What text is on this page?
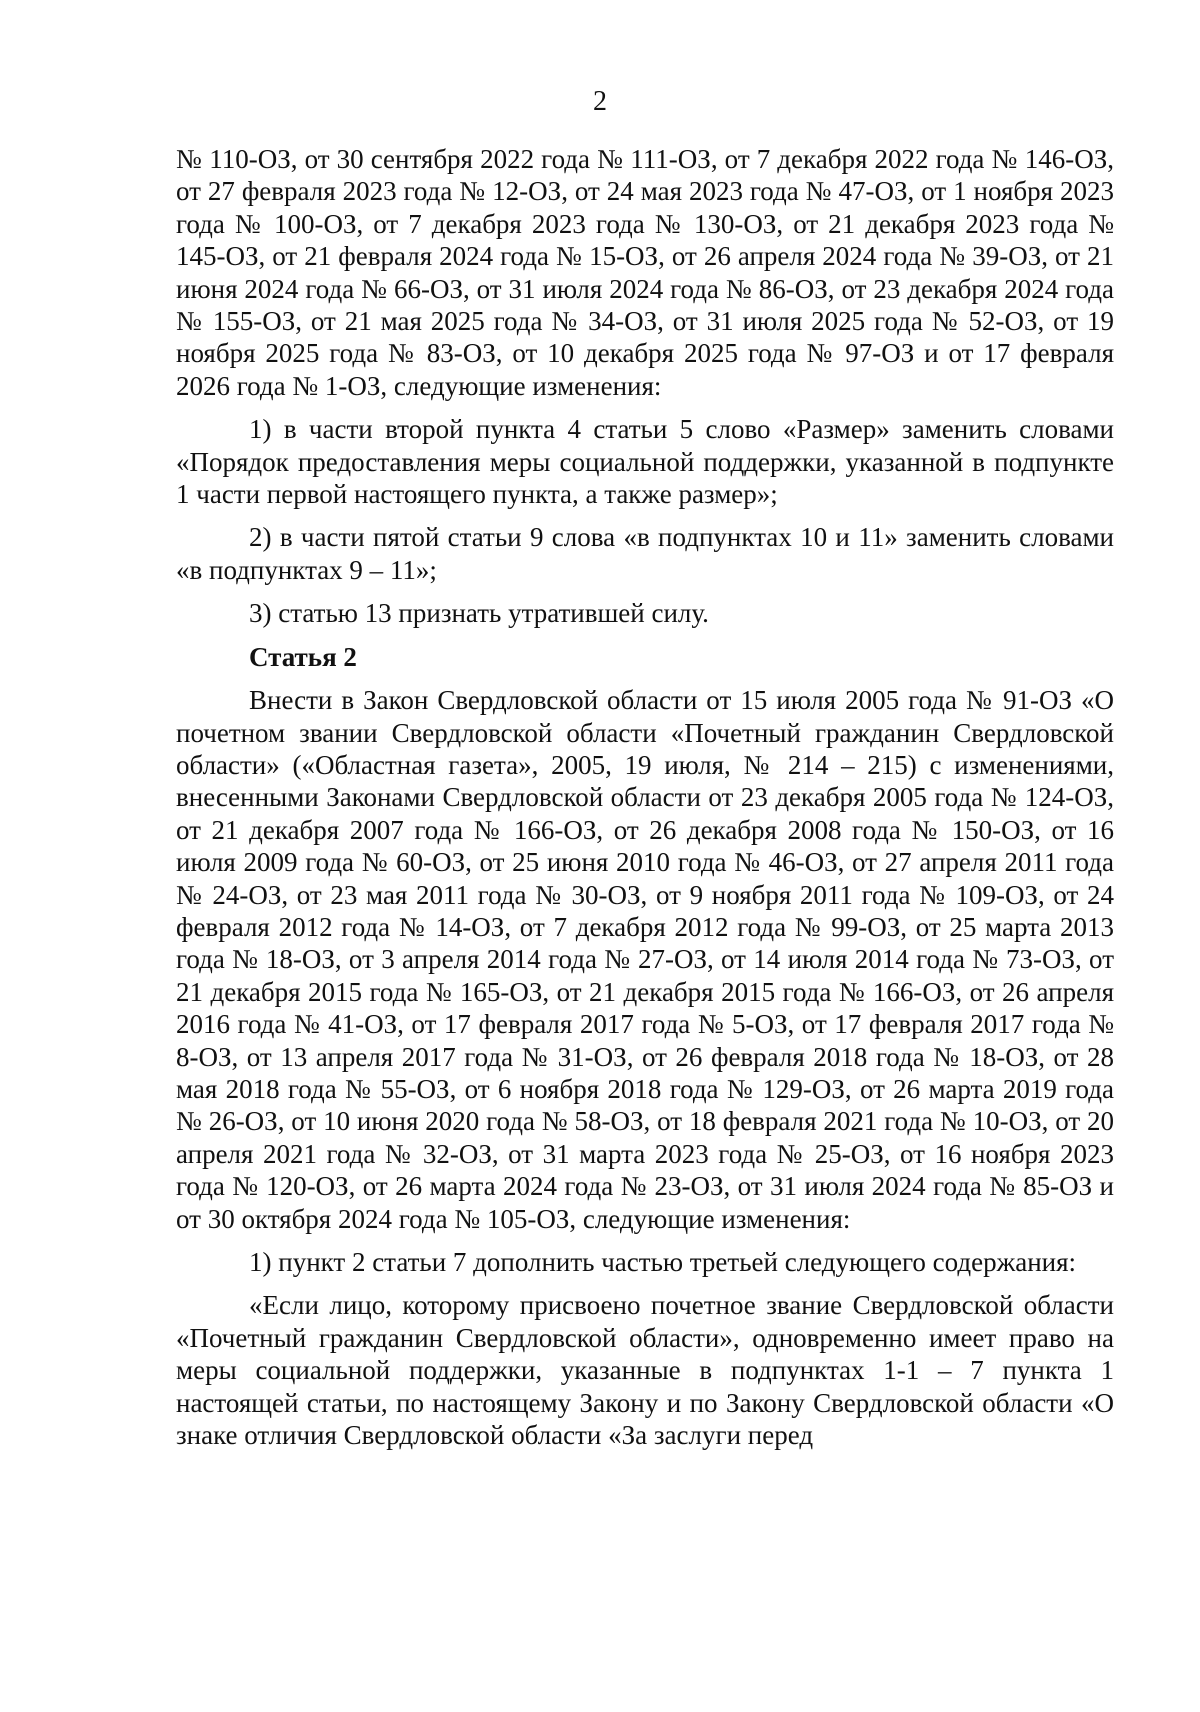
2

№ 110-ОЗ, от 30 сентября 2022 года № 111-ОЗ, от 7 декабря 2022 года № 146-ОЗ, от 27 февраля 2023 года № 12-ОЗ, от 24 мая 2023 года № 47-ОЗ, от 1 ноября 2023 года № 100-ОЗ, от 7 декабря 2023 года № 130-ОЗ, от 21 декабря 2023 года № 145-ОЗ, от 21 февраля 2024 года № 15-ОЗ, от 26 апреля 2024 года № 39-ОЗ, от 21 июня 2024 года № 66-ОЗ, от 31 июля 2024 года № 86-ОЗ, от 23 декабря 2024 года № 155-ОЗ, от 21 мая 2025 года № 34-ОЗ, от 31 июля 2025 года № 52-ОЗ, от 19 ноября 2025 года № 83-ОЗ, от 10 декабря 2025 года № 97-ОЗ и от 17 февраля 2026 года № 1-ОЗ, следующие изменения:

1) в части второй пункта 4 статьи 5 слово «Размер» заменить словами «Порядок предоставления меры социальной поддержки, указанной в подпункте 1 части первой настоящего пункта, а также размер»;

2) в части пятой статьи 9 слова «в подпунктах 10 и 11» заменить словами «в подпунктах 9 – 11»;

3) статью 13 признать утратившей силу.

Статья 2

Внести в Закон Свердловской области от 15 июля 2005 года № 91-ОЗ «О почетном звании Свердловской области «Почетный гражданин Свердловской области» («Областная газета», 2005, 19 июля, № 214 – 215) с изменениями, внесенными Законами Свердловской области от 23 декабря 2005 года № 124-ОЗ, от 21 декабря 2007 года № 166-ОЗ, от 26 декабря 2008 года № 150-ОЗ, от 16 июля 2009 года № 60-ОЗ, от 25 июня 2010 года № 46-ОЗ, от 27 апреля 2011 года № 24-ОЗ, от 23 мая 2011 года № 30-ОЗ, от 9 ноября 2011 года № 109-ОЗ, от 24 февраля 2012 года № 14-ОЗ, от 7 декабря 2012 года № 99-ОЗ, от 25 марта 2013 года № 18-ОЗ, от 3 апреля 2014 года № 27-ОЗ, от 14 июля 2014 года № 73-ОЗ, от 21 декабря 2015 года № 165-ОЗ, от 21 декабря 2015 года № 166-ОЗ, от 26 апреля 2016 года № 41-ОЗ, от 17 февраля 2017 года № 5-ОЗ, от 17 февраля 2017 года № 8-ОЗ, от 13 апреля 2017 года № 31-ОЗ, от 26 февраля 2018 года № 18-ОЗ, от 28 мая 2018 года № 55-ОЗ, от 6 ноября 2018 года № 129-ОЗ, от 26 марта 2019 года № 26-ОЗ, от 10 июня 2020 года № 58-ОЗ, от 18 февраля 2021 года № 10-ОЗ, от 20 апреля 2021 года № 32-ОЗ, от 31 марта 2023 года № 25-ОЗ, от 16 ноября 2023 года № 120-ОЗ, от 26 марта 2024 года № 23-ОЗ, от 31 июля 2024 года № 85-ОЗ и от 30 октября 2024 года № 105-ОЗ, следующие изменения:

1) пункт 2 статьи 7 дополнить частью третьей следующего содержания:

«Если лицо, которому присвоено почетное звание Свердловской области «Почетный гражданин Свердловской области», одновременно имеет право на меры социальной поддержки, указанные в подпунктах 1-1 – 7 пункта 1 настоящей статьи, по настоящему Закону и по Закону Свердловской области «О знаке отличия Свердловской области «За заслуги перед
